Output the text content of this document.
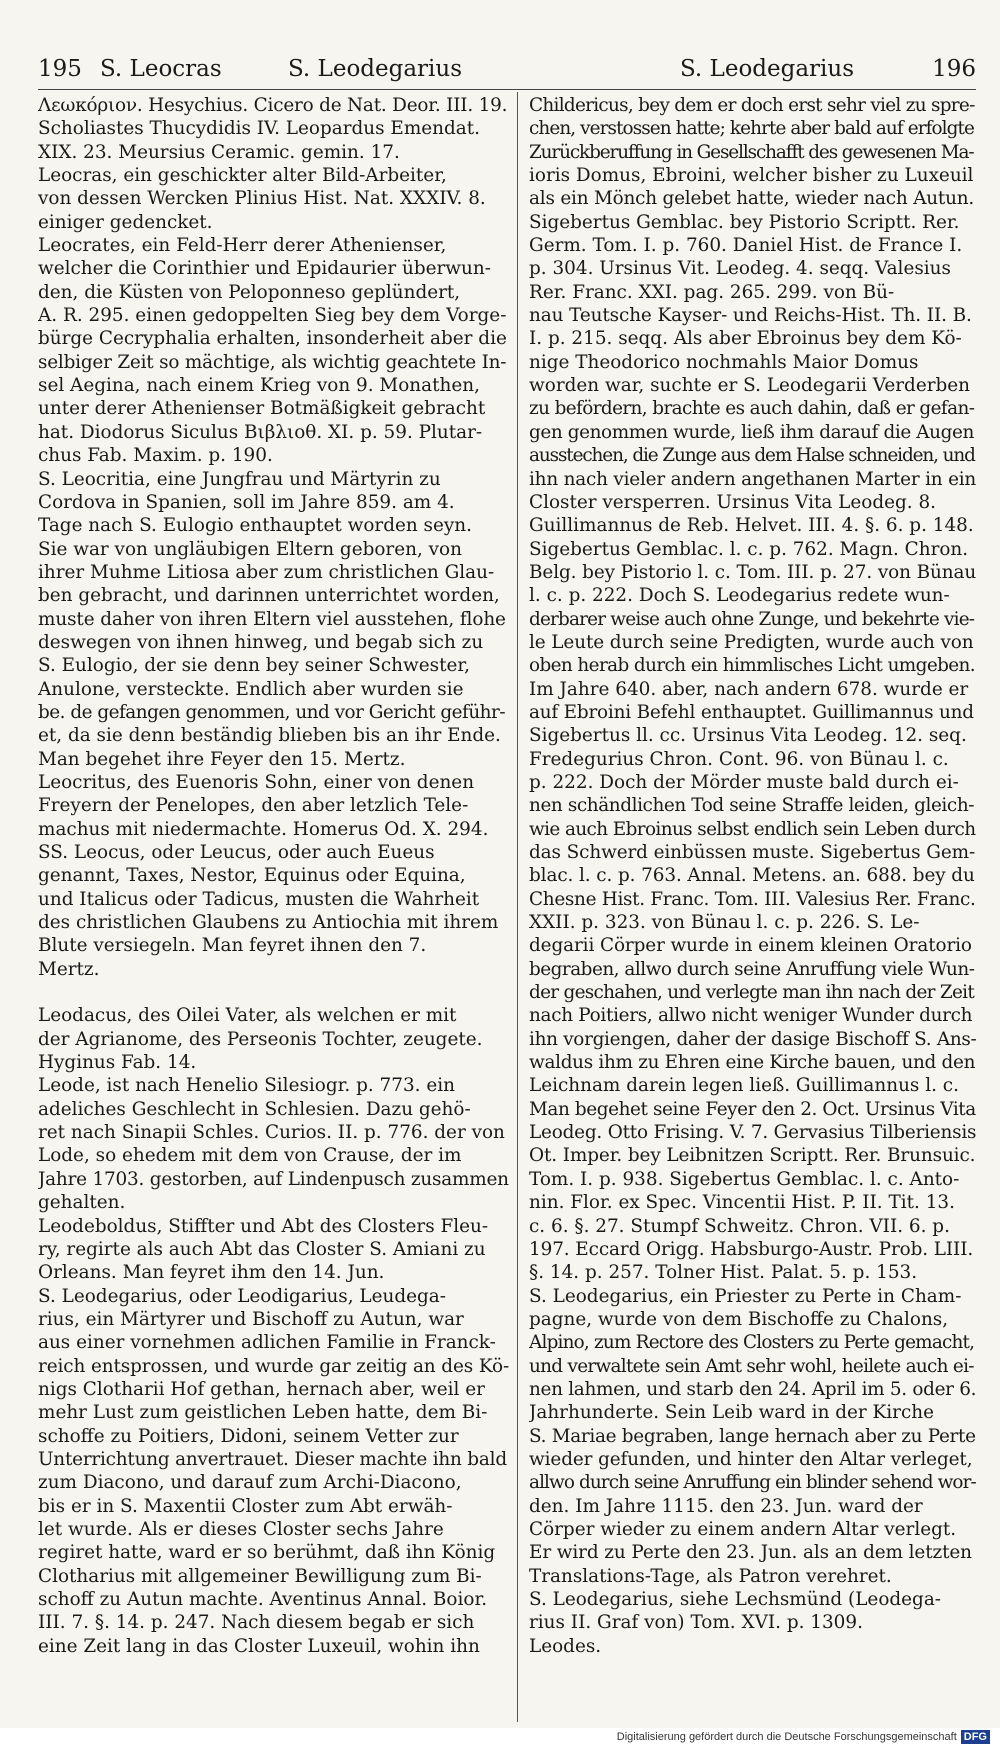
195 S. Leocras	S. Leodegarius	S. Leodegarius	196
Λεωκόριον. Hesychius. Cicero de Nat. Deor. III. 19.
Scholiastes Thucydidis IV. Leopardus Emendat.
XIX. 23. Meursius Ceramic. gemin. 17.
Leocras, ein geschickter alter Bild-Arbeiter,
von dessen Wercken Plinius Hist. Nat. XXXIV. 8.
einiger gedencket.
Leocrates, ein Feld-Herr derer Athenienser,
welcher die Corinthier und Epidaurier überwun-
den, die Küsten von Peloponneso geplündert,
A. R. 295. einen gedoppelten Sieg bey dem Vorge-
bürge Cecryphalia erhalten, insonderheit aber die
selbiger Zeit so mächtige, als wichtig geachtete In-
sel Aegina, nach einem Krieg von 9. Monathen,
unter derer Athenienser Botmäßigkeit gebracht
hat. Diodorus Siculus Βιβλιοθ. XI. p. 59. Plutar-
chus Fab. Maxim. p. 190.
S. Leocritia, eine Jungfrau und Märtyrin zu
Cordova in Spanien, soll im Jahre 859. am 4.
Tage nach S. Eulogio enthauptet worden seyn.
Sie war von ungläubigen Eltern geboren, von
ihrer Muhme Litiosa aber zum christlichen Glau-
ben gebracht, und darinnen unterrichtet worden,
muste daher von ihren Eltern viel ausstehen, flohe
deswegen von ihnen hinweg, und begab sich zu
S. Eulogio, der sie denn bey seiner Schwester,
Anulone, versteckte. Endlich aber wurden sie
be. de gefangen genommen, und vor Gericht geführ-
et, da sie denn beständig blieben bis an ihr Ende.
Man begehet ihre Feyer den 15. Mertz.
Leocritus, des Euenoris Sohn, einer von denen
Freyern der Penelopes, den aber letzlich Tele-
machus mit niedermachte. Homerus Od. X. 294.
SS. Leocus, oder Leucus, oder auch Eueus
genannt, Taxes, Nestor, Equinus oder Equina,
und Italicus oder Tadicus, musten die Wahrheit
des christlichen Glaubens zu Antiochia mit ihrem
Blute versiegeln. Man feyret ihnen den 7.
Mertz.
Leodacus, des Oilei Vater, als welchen er mit
der Agrianome, des Perseonis Tochter, zeugete.
Hyginus Fab. 14.
Leode, ist nach Henelio Silesiogr. p. 773. ein
adeliches Geschlecht in Schlesien. Dazu gehö-
ret nach Sinapii Schles. Curios. II. p. 776. der von
Lode, so ehedem mit dem von Crause, der im
Jahre 1703. gestorben, auf Lindenpusch zusammen
gehalten.
Leodeboldus, Stiffter und Abt des Closters Fleu-
ry, regirte als auch Abt das Closter S. Amiani zu
Orleans. Man feyret ihm den 14. Jun.
S. Leodegarius, oder Leodigarius, Leudega-
rius, ein Märtyrer und Bischoff zu Autun, war
aus einer vornehmen adlichen Familie in Franck-
reich entsprossen, und wurde gar zeitig an des Kö-
nigs Clotharii Hof gethan, hernach aber, weil er
mehr Lust zum geistlichen Leben hatte, dem Bi-
schoffe zu Poitiers, Didoni, seinem Vetter zur
Unterrichtung anvertrauet. Dieser machte ihn bald
zum Diacono, und darauf zum Archi-Diacono,
bis er in S. Maxentii Closter zum Abt erwäh-
let wurde. Als er dieses Closter sechs Jahre
regiret hatte, ward er so berühmt, daß ihn König
Clotharius mit allgemeiner Bewilligung zum Bi-
schoff zu Autun machte. Aventinus Annal. Boior.
III. 7. §. 14. p. 247. Nach diesem begab er sich
eine Zeit lang in das Closter Luxeuil, wohin ihn
Childericus, bey dem er doch erst sehr viel zu spre-
chen, verstossen hatte; kehrte aber bald auf erfolgte
Zurückberuffung in Gesellschafft des gewesenen Ma-
ioris Domus, Ebroini, welcher bisher zu Luxeuil
als ein Mönch gelebet hatte, wieder nach Autun.
Sigebertus Gemblac. bey Pistorio Scriptt. Rer.
Germ. Tom. I. p. 760. Daniel Hist. de France I.
p. 304. Ursinus Vit. Leodeg. 4. seqq. Valesius
Rer. Franc. XXI. pag. 265. 299. von Bü-
nau Teutsche Kayser- und Reichs-Hist. Th. II. B.
I. p. 215. seqq. Als aber Ebroinus bey dem Kö-
nige Theodorico nochmahls Maior Domus
worden war, suchte er S. Leodegarii Verderben
zu befördern, brachte es auch dahin, daß er gefan-
gen genommen wurde, ließ ihm darauf die Augen
ausstechen, die Zunge aus dem Halse schneiden, und
ihn nach vieler andern angethanen Marter in ein
Closter versperren. Ursinus Vita Leodeg. 8.
Guillimannus de Reb. Helvet. III. 4. §. 6. p. 148.
Sigebertus Gemblac. l. c. p. 762. Magn. Chron.
Belg. bey Pistorio l. c. Tom. III. p. 27. von Bünau
l. c. p. 222. Doch S. Leodegarius redete wun-
derbarer weise auch ohne Zunge, und bekehrte vie-
le Leute durch seine Predigten, wurde auch von
oben herab durch ein himmlisches Licht umgeben.
Im Jahre 640. aber, nach andern 678. wurde er
auf Ebroini Befehl enthauptet. Guillimannus und
Sigebertus ll. cc. Ursinus Vita Leodeg. 12. seq.
Fredegurius Chron. Cont. 96. von Bünau l. c.
p. 222. Doch der Mörder muste bald durch ei-
nen schändlichen Tod seine Straffe leiden, gleich-
wie auch Ebroinus selbst endlich sein Leben durch
das Schwerd einbüssen muste. Sigebertus Gem-
blac. l. c. p. 763. Annal. Metens. an. 688. bey du
Chesne Hist. Franc. Tom. III. Valesius Rer. Franc.
XXII. p. 323. von Bünau l. c. p. 226. S. Le-
degarii Cörper wurde in einem kleinen Oratorio
begraben, allwo durch seine Anruffung viele Wun-
der geschahen, und verlegte man ihn nach der Zeit
nach Poitiers, allwo nicht weniger Wunder durch
ihn vorgiengen, daher der dasige Bischoff S. Ans-
waldus ihm zu Ehren eine Kirche bauen, und den
Leichnam darein legen ließ. Guillimannus l. c.
Man begehet seine Feyer den 2. Oct. Ursinus Vita
Leodeg. Otto Frising. V. 7. Gervasius Tilberiensis
Ot. Imper. bey Leibnitzen Scriptt. Rer. Brunsuic.
Tom. I. p. 938. Sigebertus Gemblac. l. c. Anto-
nin. Flor. ex Spec. Vincentii Hist. P. II. Tit. 13.
c. 6. §. 27. Stumpf Schweitz. Chron. VII. 6. p.
197. Eccard Origg. Habsburgo-Austr. Prob. LIII.
§. 14. p. 257. Tolner Hist. Palat. 5. p. 153.
S. Leodegarius, ein Priester zu Perte in Cham-
pagne, wurde von dem Bischoffe zu Chalons,
Alpino, zum Rectore des Closters zu Perte gemacht,
und verwaltete sein Amt sehr wohl, heilete auch ei-
nen lahmen, und starb den 24. April im 5. oder 6.
Jahrhunderte. Sein Leib ward in der Kirche
S. Mariae begraben, lange hernach aber zu Perte
wieder gefunden, und hinter den Altar verleget,
allwo durch seine Anruffung ein blinder sehend wor-
den. Im Jahre 1115. den 23. Jun. ward der
Cörper wieder zu einem andern Altar verlegt.
Er wird zu Perte den 23. Jun. als an dem letzten
Translations-Tage, als Patron verehret.
S. Leodegarius, siehe Lechsmünd (Leodega-
rius II. Graf von) Tom. XVI. p. 1309.
Leodes.
Digitalisierung gefördert durch die Deutsche Forschungsgemeinschaft DFG
